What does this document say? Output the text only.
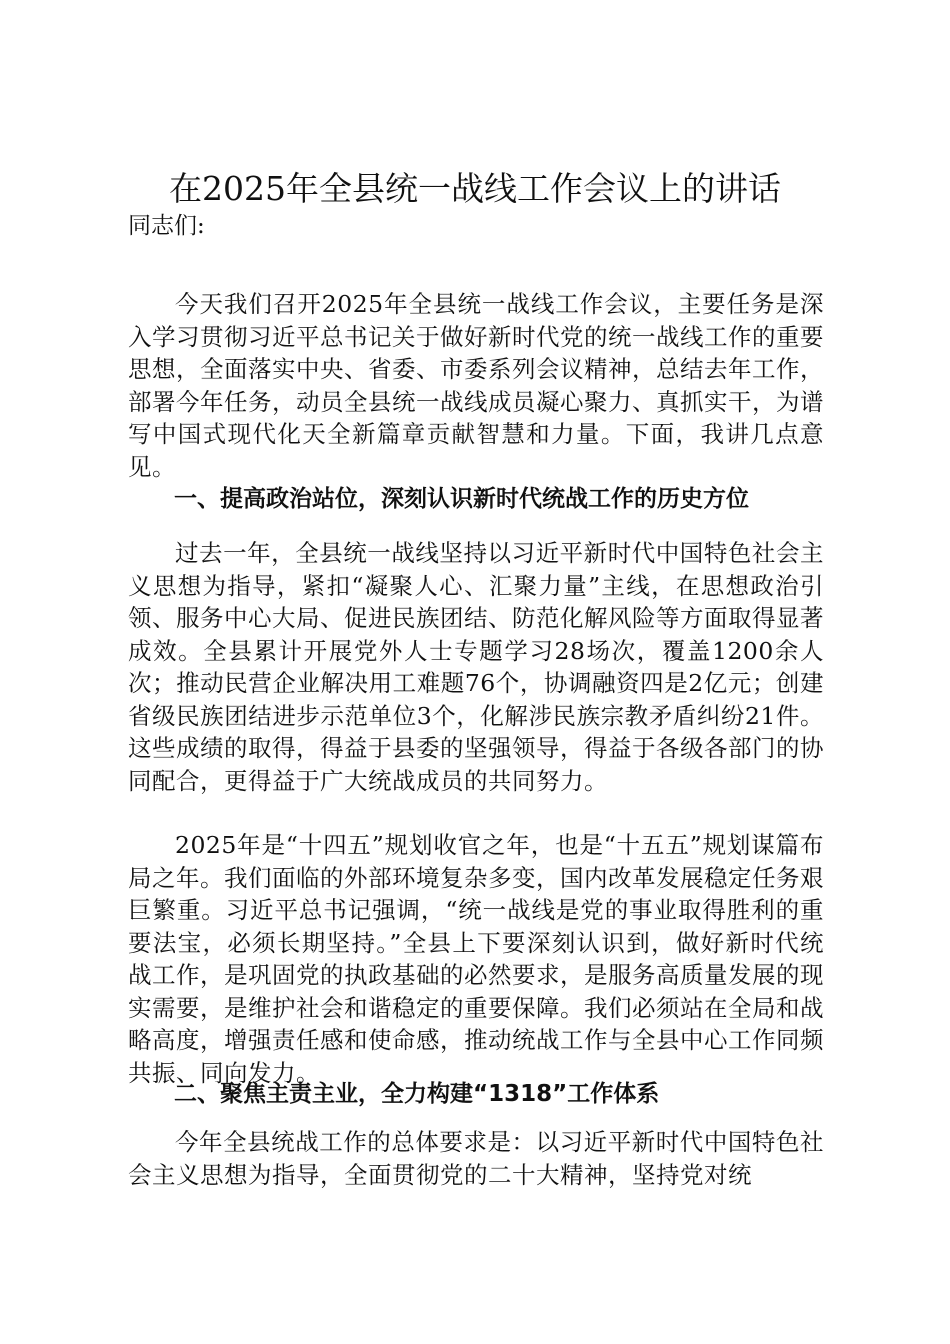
在2025年全县统一战线工作会议上的讲话
同志们:

今天我们召开2025年全县统一战线工作会议，主要任务是深入学习贯彻习近平总书记关于做好新时代党的统一战线工作的重要思想，全面落实中央、省委、市委系列会议精神，总结去年工作，部署今年任务，动员全县统一战线成员凝心聚力、真抓实干，为谱写中国式现代化天全新篇章贡献智慧和力量。下面，我讲几点意见。

一、提高政治站位，深刻认识新时代统战工作的历史方位

过去一年，全县统一战线坚持以习近平新时代中国特色社会主义思想为指导，紧扣“凝聚人心、汇聚力量”主线，在思想政治引领、服务中心大局、促进民族团结、防范化解风险等方面取得显著成效。全县累计开展党外人士专题学习28场次，覆盖1200余人次；推动民营企业解决用工难题76个，协调融资四是2亿元；创建省级民族团结进步示范单位3个，化解涉民族宗教矛盾纠纷21件。这些成绩的取得，得益于县委的坚强领导，得益于各级各部门的协同配合，更得益于广大统战成员的共同努力。

2025年是“十四五”规划收官之年，也是“十五五”规划谋篇布局之年。我们面临的外部环境复杂多变，国内改革发展稳定任务艰巨繁重。习近平总书记强调，“统一战线是党的事业取得胜利的重要法宝，必须长期坚持。”全县上下要深刻认识到，做好新时代统战工作，是巩固党的执政基础的必然要求，是服务高质量发展的现实需要，是维护社会和谐稳定的重要保障。我们必须站在全局和战略高度，增强责任感和使命感，推动统战工作与全县中心工作同频共振、同向发力。

二、聚焦主责主业，全力构建“1318”工作体系

今年全县统战工作的总体要求是：以习近平新时代中国特色社会主义思想为指导，全面贯彻党的二十大精神，坚持党对统
